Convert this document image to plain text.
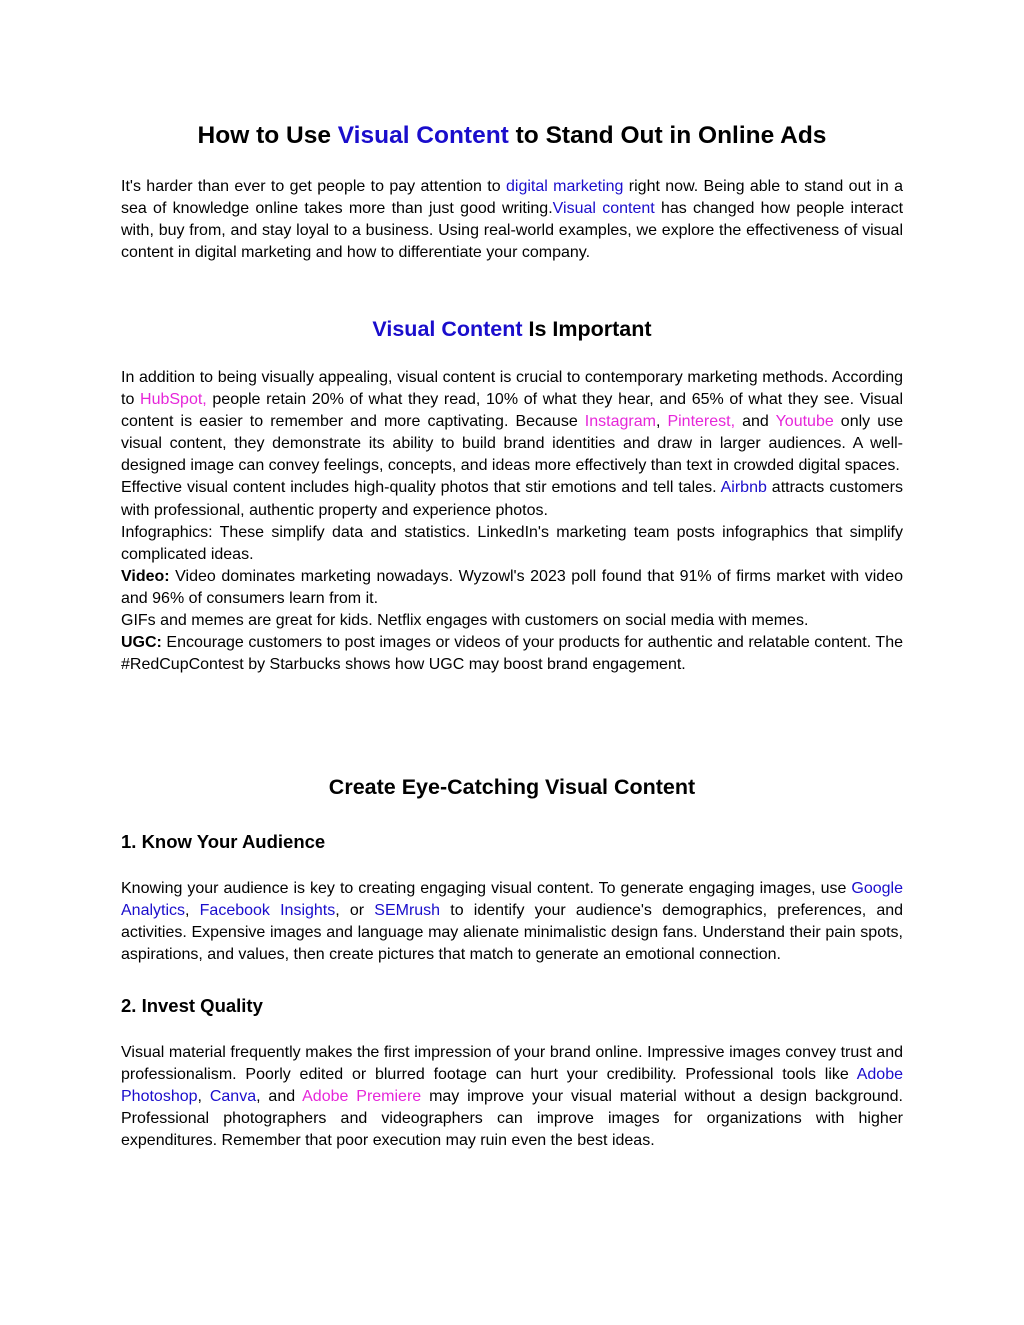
How to Use Visual Content to Stand Out in Online Ads

It's harder than ever to get people to pay attention to digital marketing right now. Being able to stand out in a sea of knowledge online takes more than just good writing.Visual content has changed how people interact with, buy from, and stay loyal to a business. Using real-world examples, we explore the effectiveness of visual content in digital marketing and how to differentiate your company.

Visual Content Is Important

In addition to being visually appealing, visual content is crucial to contemporary marketing methods. According to HubSpot, people retain 20% of what they read, 10% of what they hear, and 65% of what they see. Visual content is easier to remember and more captivating. Because Instagram, Pinterest, and Youtube only use visual content, they demonstrate its ability to build brand identities and draw in larger audiences. A well-designed image can convey feelings, concepts, and ideas more effectively than text in crowded digital spaces.

Effective visual content includes high-quality photos that stir emotions and tell tales. Airbnb attracts customers with professional, authentic property and experience photos.

Infographics: These simplify data and statistics. LinkedIn's marketing team posts infographics that simplify complicated ideas.

Video: Video dominates marketing nowadays. Wyzowl's 2023 poll found that 91% of firms market with video and 96% of consumers learn from it.

GIFs and memes are great for kids. Netflix engages with customers on social media with memes.

UGC: Encourage customers to post images or videos of your products for authentic and relatable content. The #RedCupContest by Starbucks shows how UGC may boost brand engagement.

Create Eye-Catching Visual Content
1. Know Your Audience

Knowing your audience is key to creating engaging visual content. To generate engaging images, use Google Analytics, Facebook Insights, or SEMrush to identify your audience's demographics, preferences, and activities. Expensive images and language may alienate minimalistic design fans. Understand their pain spots, aspirations, and values, then create pictures that match to generate an emotional connection.

2. Invest Quality

Visual material frequently makes the first impression of your brand online. Impressive images convey trust and professionalism. Poorly edited or blurred footage can hurt your credibility. Professional tools like Adobe Photoshop, Canva, and Adobe Premiere may improve your visual material without a design background. Professional photographers and videographers can improve images for organizations with higher expenditures. Remember that poor execution may ruin even the best ideas.
